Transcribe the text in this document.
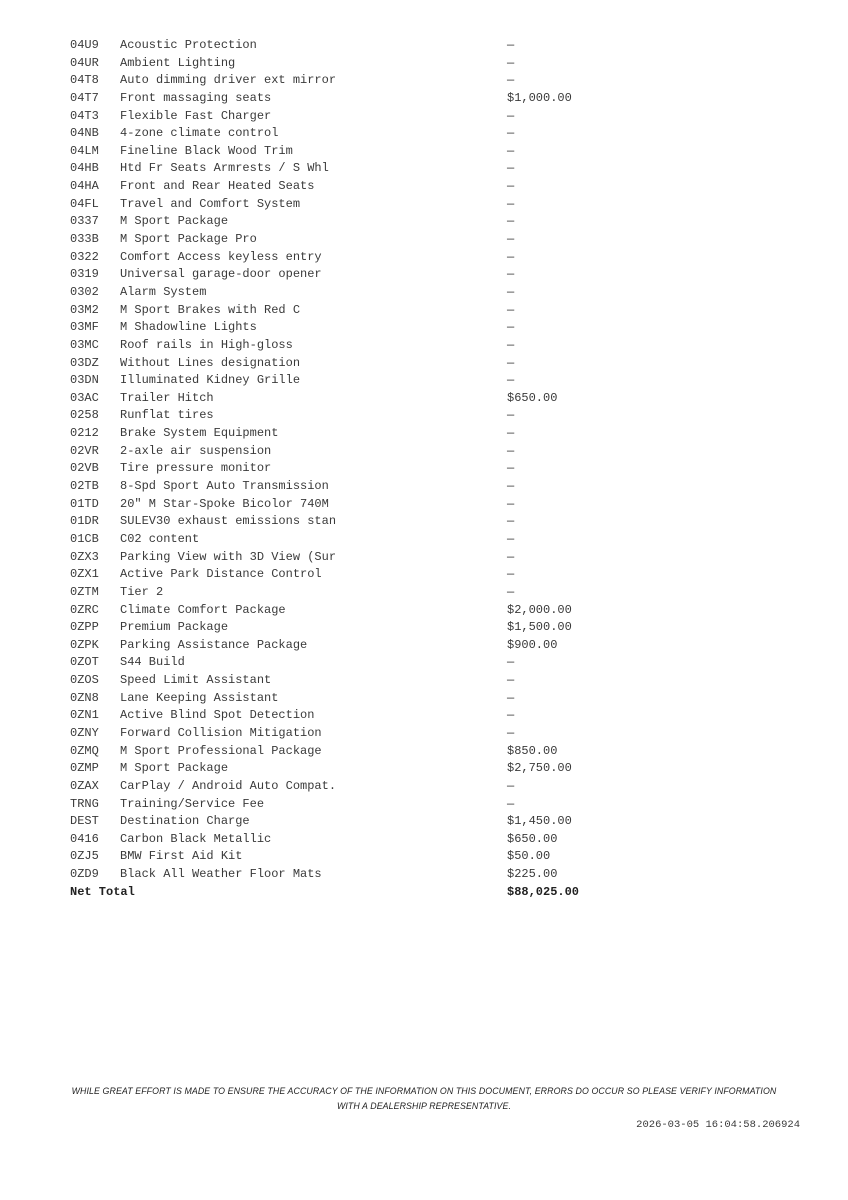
04U9	Acoustic Protection	—
04UR	Ambient Lighting	—
04T8	Auto dimming driver ext mirror	—
04T7	Front massaging seats	$1,000.00
04T3	Flexible Fast Charger	—
04NB	4-zone climate control	—
04LM	Fineline Black Wood Trim	—
04HB	Htd Fr Seats Armrests / S Whl	—
04HA	Front and Rear Heated Seats	—
04FL	Travel and Comfort System	—
0337	M Sport Package	—
033B	M Sport Package Pro	—
0322	Comfort Access keyless entry	—
0319	Universal garage-door opener	—
0302	Alarm System	—
03M2	M Sport Brakes with Red C	—
03MF	M Shadowline Lights	—
03MC	Roof rails in High-gloss	—
03DZ	Without Lines designation	—
03DN	Illuminated Kidney Grille	—
03AC	Trailer Hitch	$650.00
0258	Runflat tires	—
0212	Brake System Equipment	—
02VR	2-axle air suspension	—
02VB	Tire pressure monitor	—
02TB	8-Spd Sport Auto Transmission	—
01TD	20" M Star-Spoke Bicolor 740M	—
01DR	SULEV30 exhaust emissions stan	—
01CB	C02 content	—
0ZX3	Parking View with 3D View (Sur	—
0ZX1	Active Park Distance Control	—
0ZTM	Tier 2	—
0ZRC	Climate Comfort Package	$2,000.00
0ZPP	Premium Package	$1,500.00
0ZPK	Parking Assistance Package	$900.00
0ZOT	S44 Build	—
0ZOS	Speed Limit Assistant	—
0ZN8	Lane Keeping Assistant	—
0ZN1	Active Blind Spot Detection	—
0ZNY	Forward Collision Mitigation	—
0ZMQ	M Sport Professional Package	$850.00
0ZMP	M Sport Package	$2,750.00
0ZAX	CarPlay / Android Auto Compat.	—
TRNG	Training/Service Fee	—
DEST	Destination Charge	$1,450.00
0416	Carbon Black Metallic	$650.00
0ZJ5	BMW First Aid Kit	$50.00
0ZD9	Black All Weather Floor Mats	$225.00
Net Total	$88,025.00
WHILE GREAT EFFORT IS MADE TO ENSURE THE ACCURACY OF THE INFORMATION ON THIS DOCUMENT, ERRORS DO OCCUR SO PLEASE VERIFY INFORMATION WITH A DEALERSHIP REPRESENTATIVE.
2026-03-05 16:04:58.206924
